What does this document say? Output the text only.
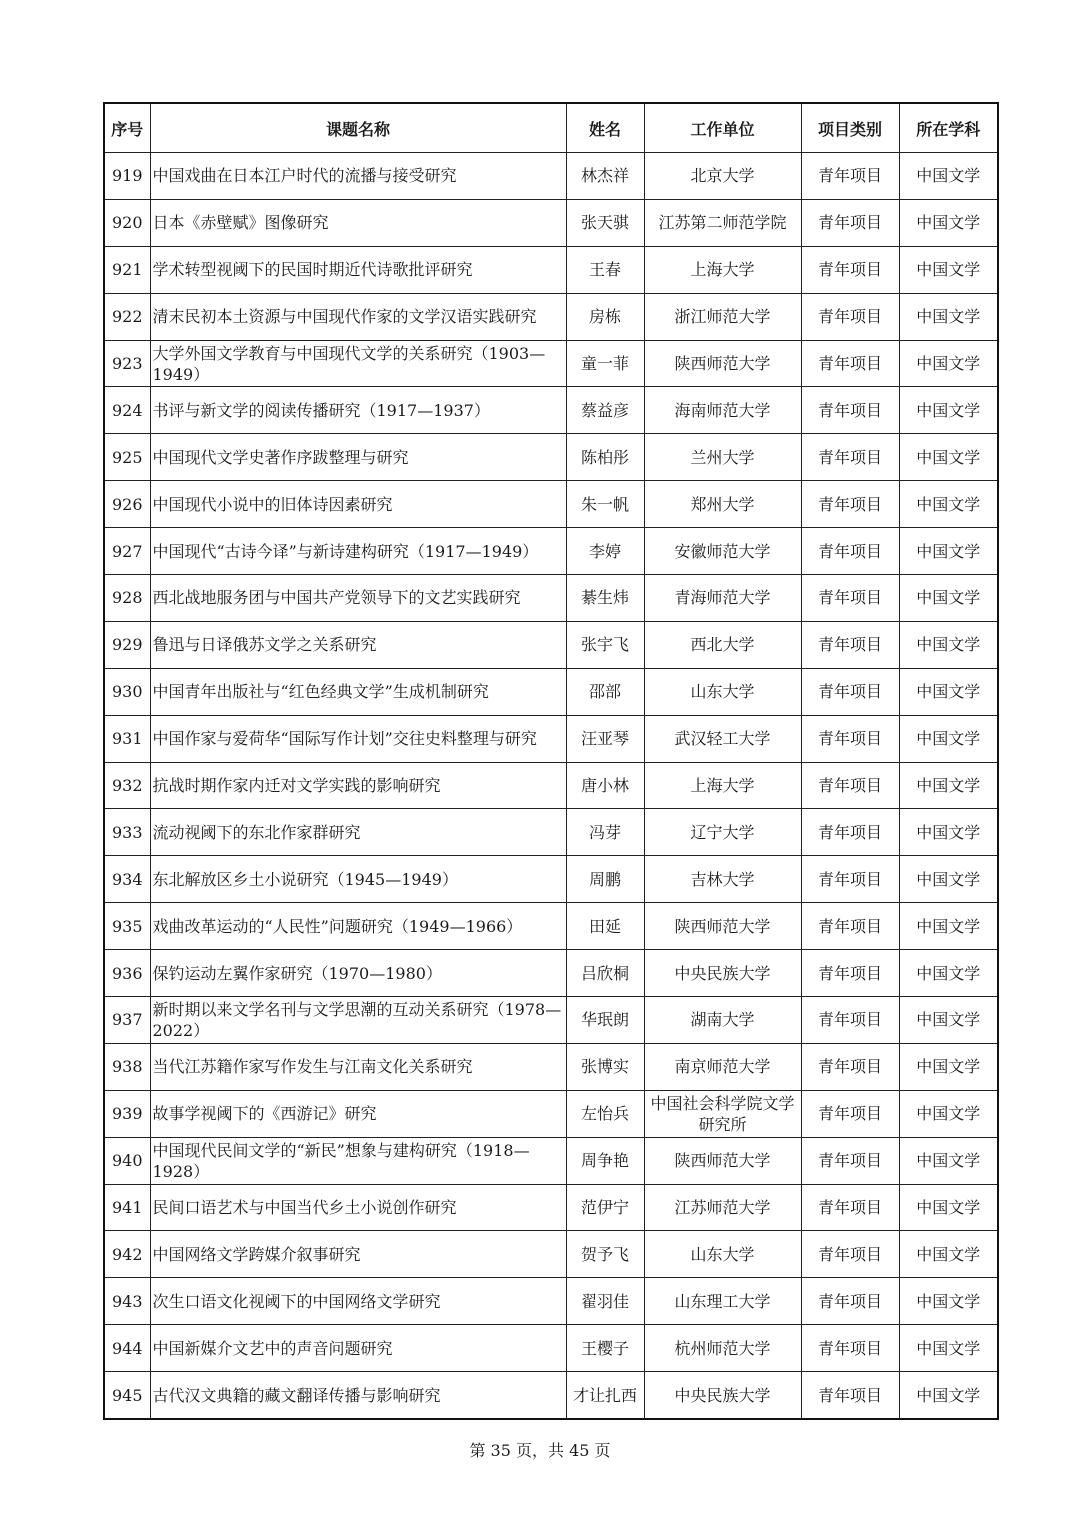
序号	课题名称	姓名	工作单位	项目类别	所在学科
919	中国戏曲在日本江户时代的流播与接受研究	林杰祥	北京大学	青年项目	中国文学
920	日本《赤壁赋》图像研究	张天骐	江苏第二师范学院	青年项目	中国文学
921	学术转型视阈下的民国时期近代诗歌批评研究	王春	上海大学	青年项目	中国文学
922	清末民初本土资源与中国现代作家的文学汉语实践研究	房栋	浙江师范大学	青年项目	中国文学
923	大学外国文学教育与中国现代文学的关系研究（1903—1949）	童一菲	陕西师范大学	青年项目	中国文学
924	书评与新文学的阅读传播研究（1917—1937）	蔡益彦	海南师范大学	青年项目	中国文学
925	中国现代文学史著作序跋整理与研究	陈柏彤	兰州大学	青年项目	中国文学
926	中国现代小说中的旧体诗因素研究	朱一帆	郑州大学	青年项目	中国文学
927	中国现代“古诗今译”与新诗建构研究（1917—1949）	李婷	安徽师范大学	青年项目	中国文学
928	西北战地服务团与中国共产党领导下的文艺实践研究	綦生炜	青海师范大学	青年项目	中国文学
929	鲁迅与日译俄苏文学之关系研究	张宇飞	西北大学	青年项目	中国文学
930	中国青年出版社与“红色经典文学”生成机制研究	邵部	山东大学	青年项目	中国文学
931	中国作家与爱荷华“国际写作计划”交往史料整理与研究	汪亚琴	武汉轻工大学	青年项目	中国文学
932	抗战时期作家内迁对文学实践的影响研究	唐小林	上海大学	青年项目	中国文学
933	流动视阈下的东北作家群研究	冯芽	辽宁大学	青年项目	中国文学
934	东北解放区乡土小说研究（1945—1949）	周鹏	吉林大学	青年项目	中国文学
935	戏曲改革运动的“人民性”问题研究（1949—1966）	田延	陕西师范大学	青年项目	中国文学
936	保钓运动左翼作家研究（1970—1980）	吕欣桐	中央民族大学	青年项目	中国文学
937	新时期以来文学名刊与文学思潮的互动关系研究（1978—2022）	华珉朗	湖南大学	青年项目	中国文学
938	当代江苏籍作家写作发生与江南文化关系研究	张博实	南京师范大学	青年项目	中国文学
939	故事学视阈下的《西游记》研究	左怡兵	中国社会科学院文学研究所	青年项目	中国文学
940	中国现代民间文学的“新民”想象与建构研究（1918—1928）	周争艳	陕西师范大学	青年项目	中国文学
941	民间口语艺术与中国当代乡土小说创作研究	范伊宁	江苏师范大学	青年项目	中国文学
942	中国网络文学跨媒介叙事研究	贺予飞	山东大学	青年项目	中国文学
943	次生口语文化视阈下的中国网络文学研究	翟羽佳	山东理工大学	青年项目	中国文学
944	中国新媒介文艺中的声音问题研究	王樱子	杭州师范大学	青年项目	中国文学
945	古代汉文典籍的藏文翻译传播与影响研究	才让扎西	中央民族大学	青年项目	中国文学
第 35 页，共 45 页
